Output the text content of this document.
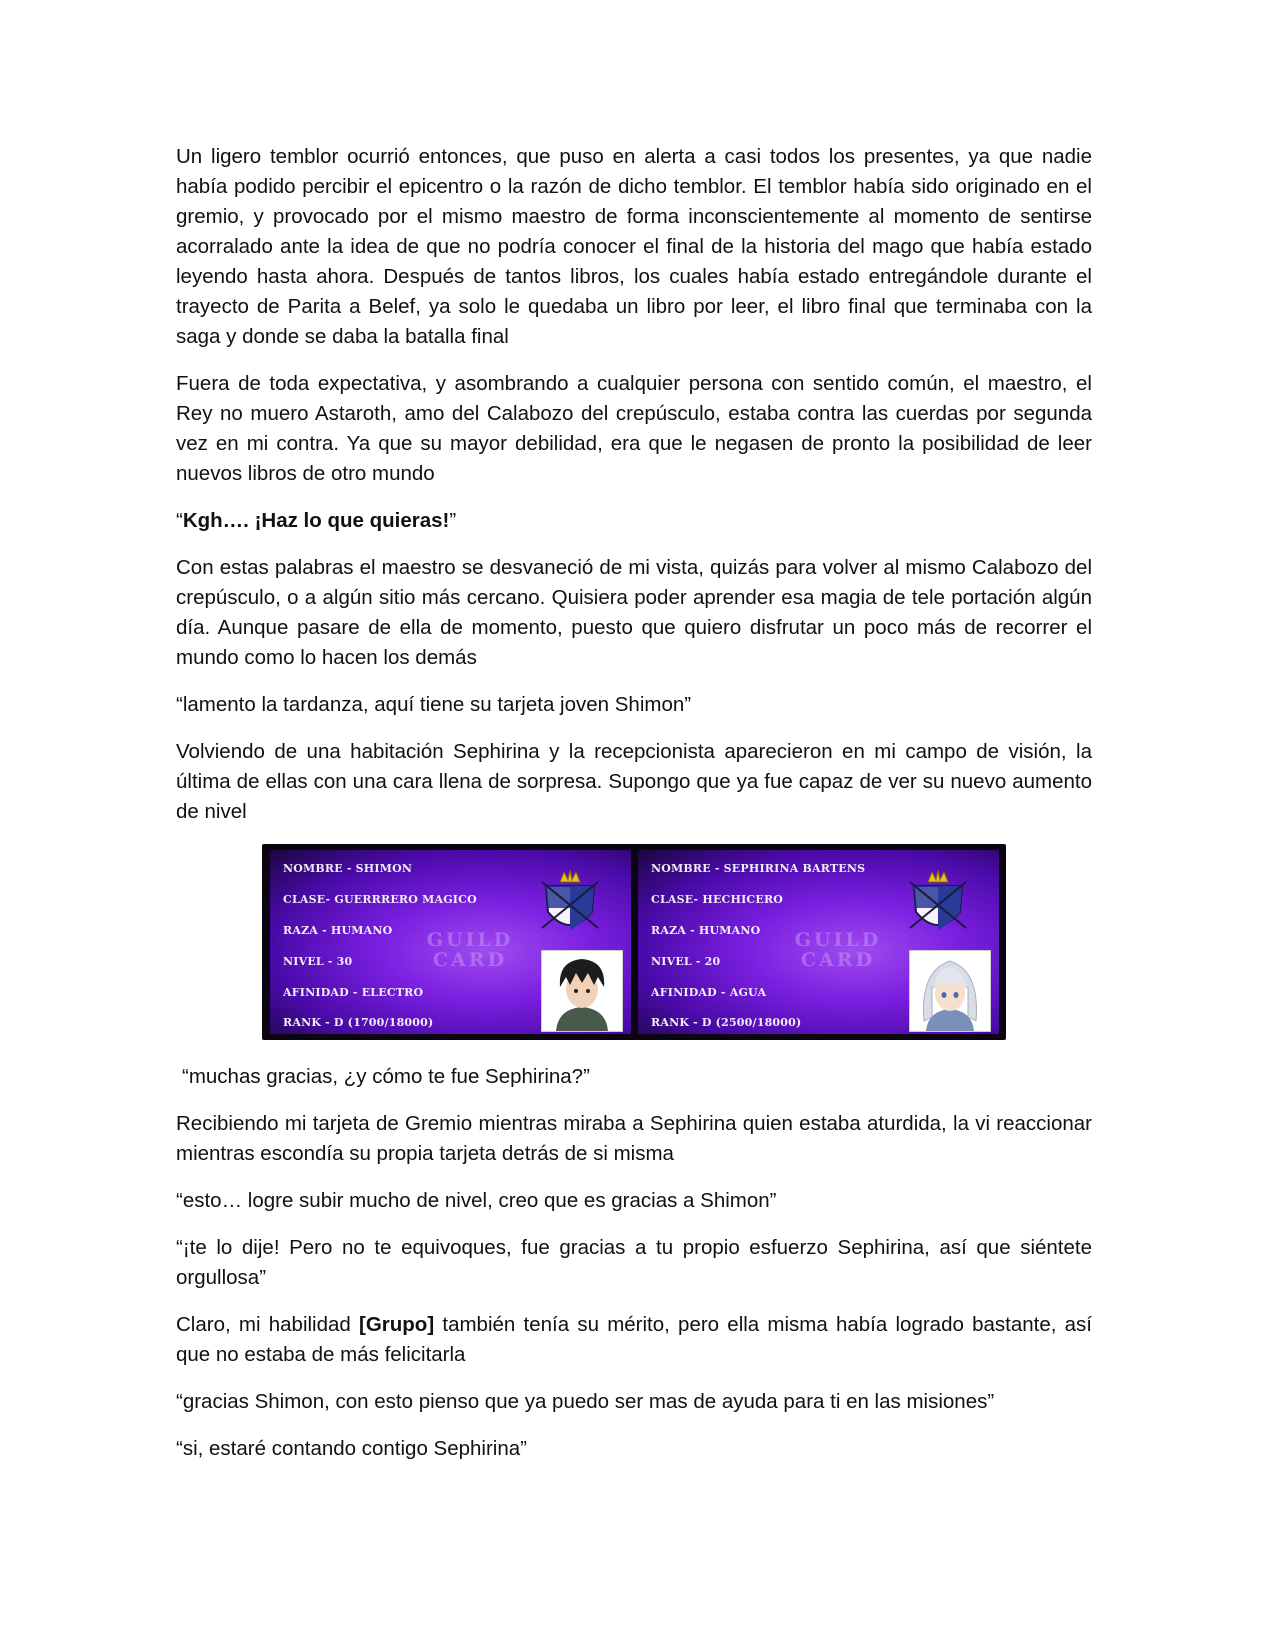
Un ligero temblor ocurrió entonces, que puso en alerta a casi todos los presentes, ya que nadie había podido percibir el epicentro o la razón de dicho temblor. El temblor había sido originado en el gremio, y provocado por el mismo maestro de forma inconscientemente al momento de sentirse acorralado ante la idea de que no podría conocer el final de la historia del mago que había estado leyendo hasta ahora. Después de tantos libros, los cuales había estado entregándole durante el trayecto de Parita a Belef, ya solo le quedaba un libro por leer, el libro final que terminaba con la saga y donde se daba la batalla final

Fuera de toda expectativa, y asombrando a cualquier persona con sentido común, el maestro, el Rey no muero Astaroth, amo del Calabozo del crepúsculo, estaba contra las cuerdas por segunda vez en mi contra. Ya que su mayor debilidad, era que le negasen de pronto la posibilidad de leer nuevos libros de otro mundo

“Kgh…. ¡Haz lo que quieras!”

Con estas palabras el maestro se desvaneció de mi vista, quizás para volver al mismo Calabozo del crepúsculo, o a algún sitio más cercano. Quisiera poder aprender esa magia de tele portación algún día. Aunque pasare de ella de momento, puesto que quiero disfrutar un poco más de recorrer el mundo como lo hacen los demás

“lamento la tardanza, aquí tiene su tarjeta joven Shimon”

Volviendo de una habitación Sephirina y la recepcionista aparecieron en mi campo de visión, la última de ellas con una cara llena de sorpresa. Supongo que ya fue capaz de ver su nuevo aumento de nivel

NOMBRE - SHIMON
CLASE- GUERRRERO MAGICO
RAZA - HUMANO
NIVEL - 30
AFINIDAD - ELECTRO
RANK - D (1700/18000)
GUILD
CARD
NOMBRE - SEPHIRINA BARTENS
CLASE- HECHICERO
RAZA - HUMANO
NIVEL - 20
AFINIDAD - AGUA
RANK - D (2500/18000)
GUILD
CARD

“muchas gracias, ¿y cómo te fue Sephirina?”

Recibiendo mi tarjeta de Gremio mientras miraba a Sephirina quien estaba aturdida, la vi reaccionar mientras escondía su propia tarjeta detrás de si misma

“esto… logre subir mucho de nivel, creo que es gracias a Shimon”

“¡te lo dije! Pero no te equivoques, fue gracias a tu propio esfuerzo Sephirina, así que siéntete orgullosa”

Claro, mi habilidad [Grupo] también tenía su mérito, pero ella misma había logrado bastante, así que no estaba de más felicitarla

“gracias Shimon, con esto pienso que ya puedo ser mas de ayuda para ti en las misiones”

“si, estaré contando contigo Sephirina”
